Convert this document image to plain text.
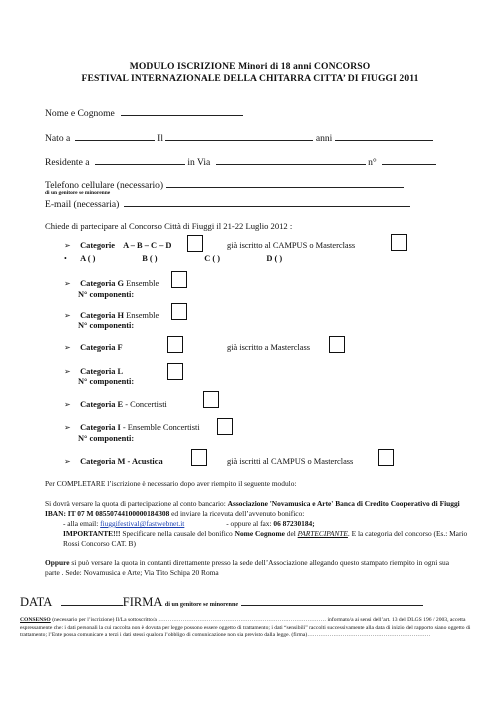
MODULO ISCRIZIONE Minori di 18 anni CONCORSO
FESTIVAL INTERNAZIONALE DELLA CHITARRA CITTA’ DI FIUGGI 2011
Nome e Cognome
Nato a	Il	anni
Residente a	in Via	n°
Telefono cellulare (necessario)
di un genitore se minorenne
E-mail (necessaria)
Chiede di partecipare al Concorso Città di Fiuggi il 21-22 Luglio 2012 :
➢ Categorie A – B – C – D	già iscritto al CAMPUS o Masterclass
• A ( )	B ( )	C ( )	D ( )
➢ Categoria G Ensemble
N° componenti:
➢ Categoria H Ensemble
N° componenti:
➢ Categoria F	già iscritto a Masterclass
➢ Categoria L
N° componenti:
➢ Categoria E - Concertisti
➢ Categoria I - Ensemble Concertisti
N° componenti:
➢ Categoria M - Acustica	già iscritti al CAMPUS o Masterclass
Per COMPLETARE l’iscrizione è necessario dopo aver riempito il seguente modulo:
Si dovrà versare la quota di partecipazione al conto bancario: Associazione 'Novamusica e Arte' Banca di Credito Cooperativo di Fiuggi IBAN: IT 07 M 08550744100000184308 ed inviare la ricevuta dell’avvenuto bonifico:
- alla email: fiuggifestival@fastwebnet.it	- oppure al fax: 06 87230184;
IMPORTANTE!!! Specificare nella causale del bonifico Nome Cognome del PARTECIPANTE. E la categoria del concorso (Es.: Mario Rossi Concorso CAT. B)
Oppure si può versare la quota in contanti direttamente presso la sede dell’Associazione allegando questo stampato riempito in ogni sua parte . Sede: Novamusica e Arte; Via Tito Schipa 20 Roma
DATA	FIRMA di un genitore se minorenne
CONSENSO (necessario per l’iscrizione) Il/La sottoscritto/a ……………………………………………………………………………… informato/a ai sensi dell’art. 13 del DLGS 196 / 2003, accetta espressamente che: i dati personali la cui raccolta non è dovuta per legge possono essere oggetto di trattamento; i dati “sensibili” raccolti successivamente alla data di inizio del rapporto siano oggetto di trattamento; l’Ente possa comunicare a terzi i dati stessi qualora l’obbligo di comunicazione non sia previsto dalla legge. (firma)…………………………………………………………
